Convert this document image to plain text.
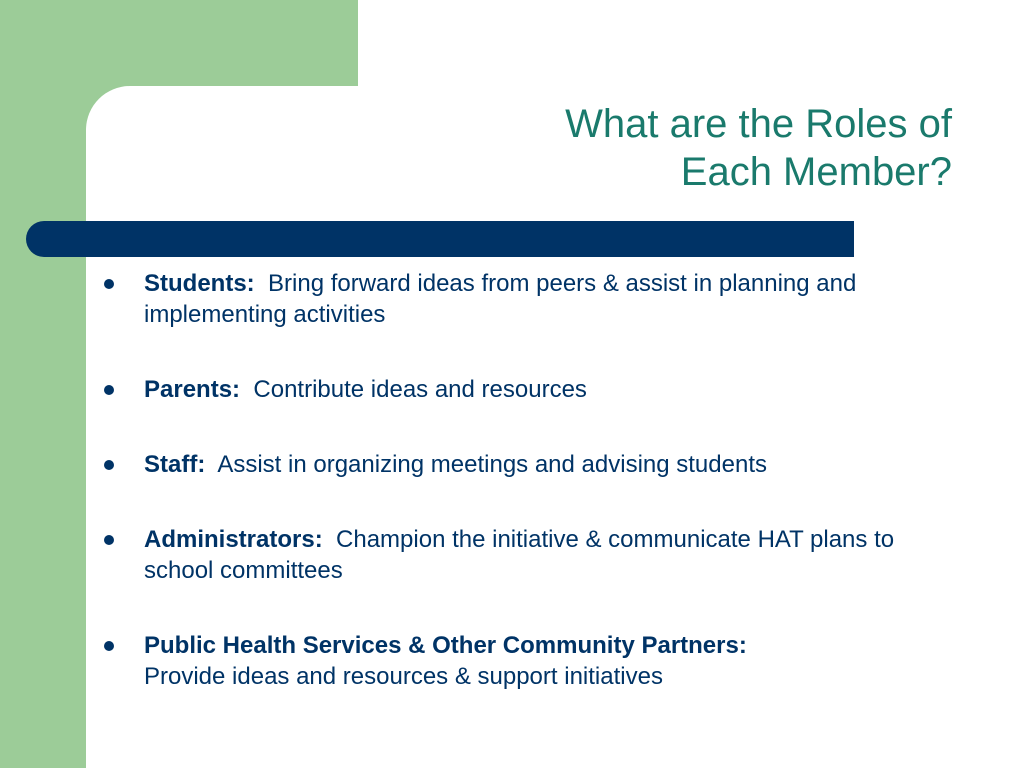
What are the Roles of
Each Member?
Students: Bring forward ideas from peers & assist in planning and implementing activities
Parents: Contribute ideas and resources
Staff: Assist in organizing meetings and advising students
Administrators: Champion the initiative & communicate HAT plans to school committees
Public Health Services & Other Community Partners:
Provide ideas and resources & support initiatives
